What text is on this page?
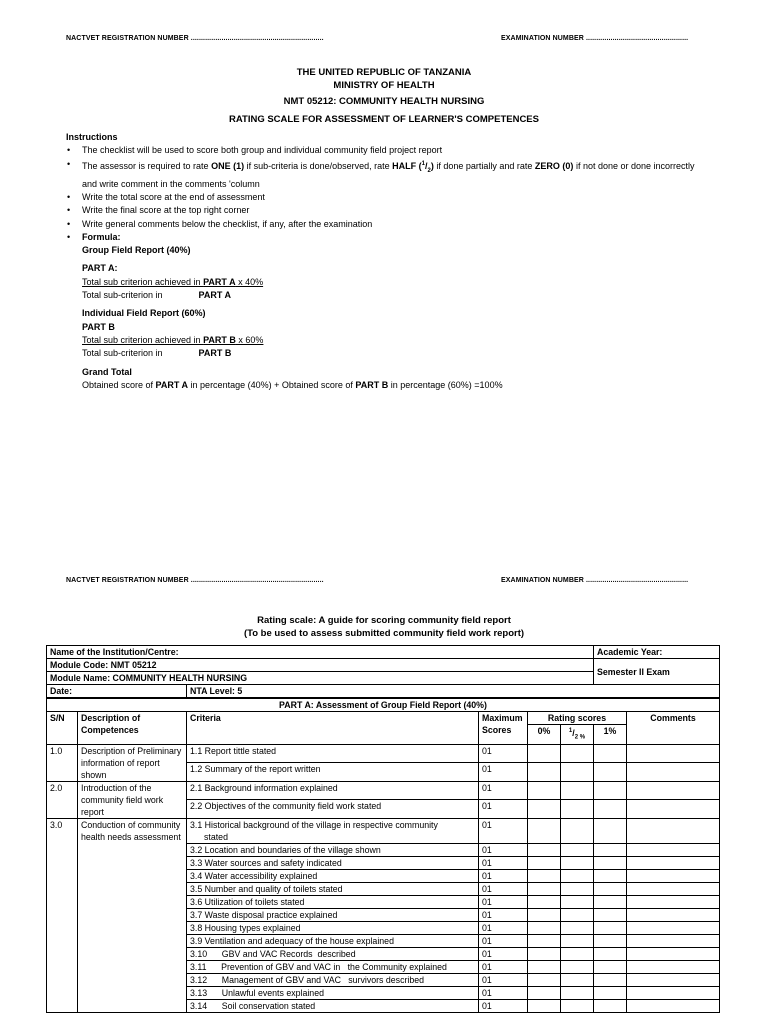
NACTVET REGISTRATION NUMBER .................................................................	EXAMINATION NUMBER ..................................................
THE UNITED REPUBLIC OF TANZANIA
MINISTRY OF HEALTH
NMT 05212: COMMUNITY HEALTH NURSING
RATING SCALE FOR ASSESSMENT OF LEARNER'S COMPETENCES
Instructions
• The checklist will be used to score both group and individual community field project report
• The assessor is required to rate ONE (1) if sub-criteria is done/observed, rate HALF $(^1/_2)$ if done partially and rate ZERO (0) if not done or done incorrectly
and write comment in the comments 'column
• Write the total score at the end of assessment
• Write the final score at the top right corner
• Write general comments below the checklist, if any, after the examination
• Formula:
Group Field Report (40%)
PART A:
Total sub criterion achieved in PART A x 40%
Total sub-criterion in	PART A
Individual Field Report (60%)
PART B
Total sub criterion achieved in PART B x 60%
Total sub-criterion in	PART B
Grand Total
Obtained score of PART A in percentage (40%) + Obtained score of PART B in percentage (60%) =100%
NACTVET REGISTRATION NUMBER .................................................................	EXAMINATION NUMBER ..................................................
Rating scale: A guide for scoring community field report
(To be used to assess submitted community field work report)
Name of the Institution/Centre:						Academic Year:	
Module Code: NMT 05212						Semester II Exam	
Module Name: COMMUNITY HEALTH NURSING							
Date:		NTA Level: 5					
PART A: Assessment of Group Field Report (40%)							
S/N	Description of Competences	Criteria	Maximum Scores	Rating scores			Comments
				0%	$^1/_{2 \%}$	1%	
1.0	Description of Preliminary information of report shown	1.1 Report tittle stated	01				

		1.2 Summary of the report written	01				
2.0	Introduction of the community field work report	2.1 Background information explained	01				

		2.2 Objectives of the community field work stated	01				
3.0	Conduction of community health needs assessment	3.1 Historical background of the village in respective community
stated	01				

		3.2 Location and boundaries of the village shown	01				

		3.3 Water sources and safety indicated	01				

		3.4 Water accessibility explained	01				

		3.5 Number and quality of toilets stated	01				

		3.6 Utilization of toilets stated	01				

		3.7 Waste disposal practice explained	01				

		3.8 Housing types explained	01				

		3.9 Ventilation and adequacy of the house explained	01				

		3.10      GBV and VAC Records  described	01				

		3.11      Prevention of GBV and VAC in   the Community explained	01				

		3.12      Management of GBV and VAC   survivors described	01				

		3.13      Unlawful events explained	01				

		3.14      Soil conservation stated	01				
